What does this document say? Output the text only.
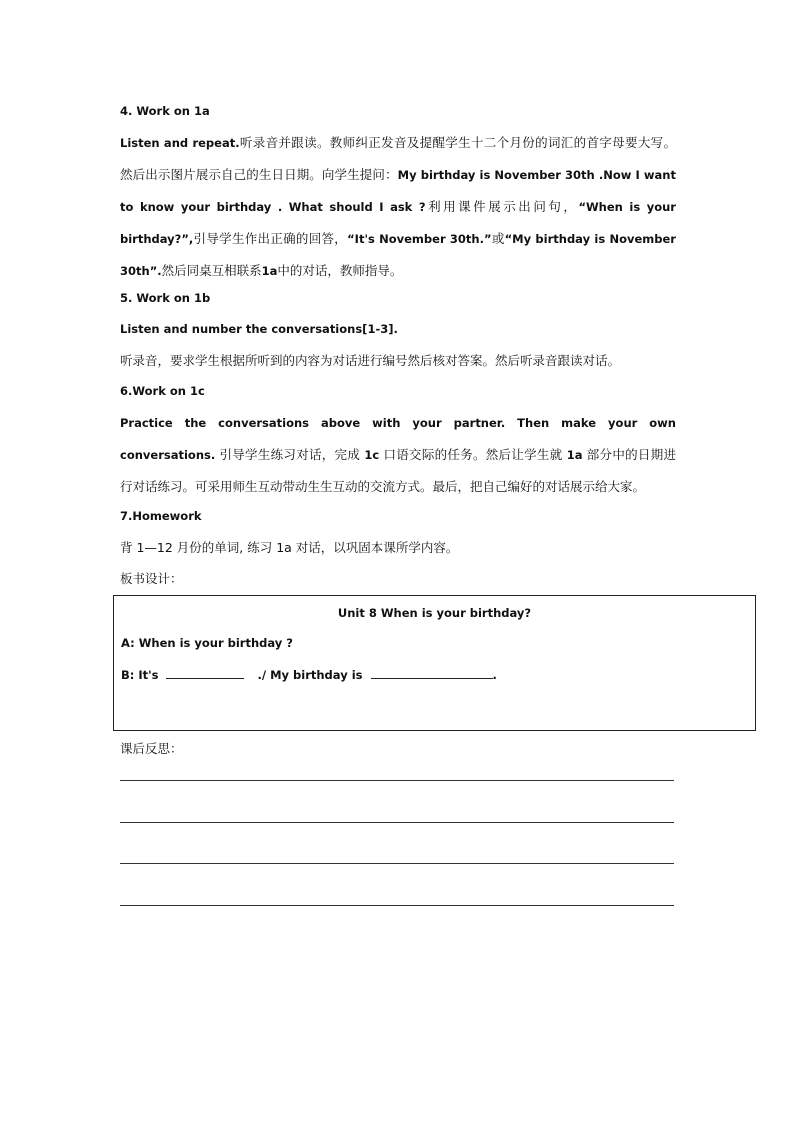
4. Work on 1a

Listen and repeat.听录音并跟读。教师纠正发音及提醒学生十二个月份的词汇的首字母要大写。然后出示图片展示自己的生日日期。向学生提问：My birthday is November 30th .Now I want to know your birthday . What should I ask ?利用课件展示出问句，“When is your birthday?”,引导学生作出正确的回答，“It's November 30th.”或“My birthday is November 30th”.然后同桌互相联系1a中的对话，教师指导。

5. Work on 1b

Listen and number the conversations[1-3].

听录音，要求学生根据所听到的内容为对话进行编号然后核对答案。然后听录音跟读对话。

6.Work on 1c

Practice the conversations above with your partner. Then make your own conversations. 引导学生练习对话，完成 1c 口语交际的任务。然后让学生就 1a 部分中的日期进行对话练习。可采用师生互动带动生生互动的交流方式。最后，把自己编好的对话展示给大家。

7.Homework

背 1—12 月份的单词, 练习 1a 对话，以巩固本课所学内容。

板书设计：

Unit 8 When is your birthday?
A: When is your birthday ?
B: It's	./ My birthday is	.

课后反思：
